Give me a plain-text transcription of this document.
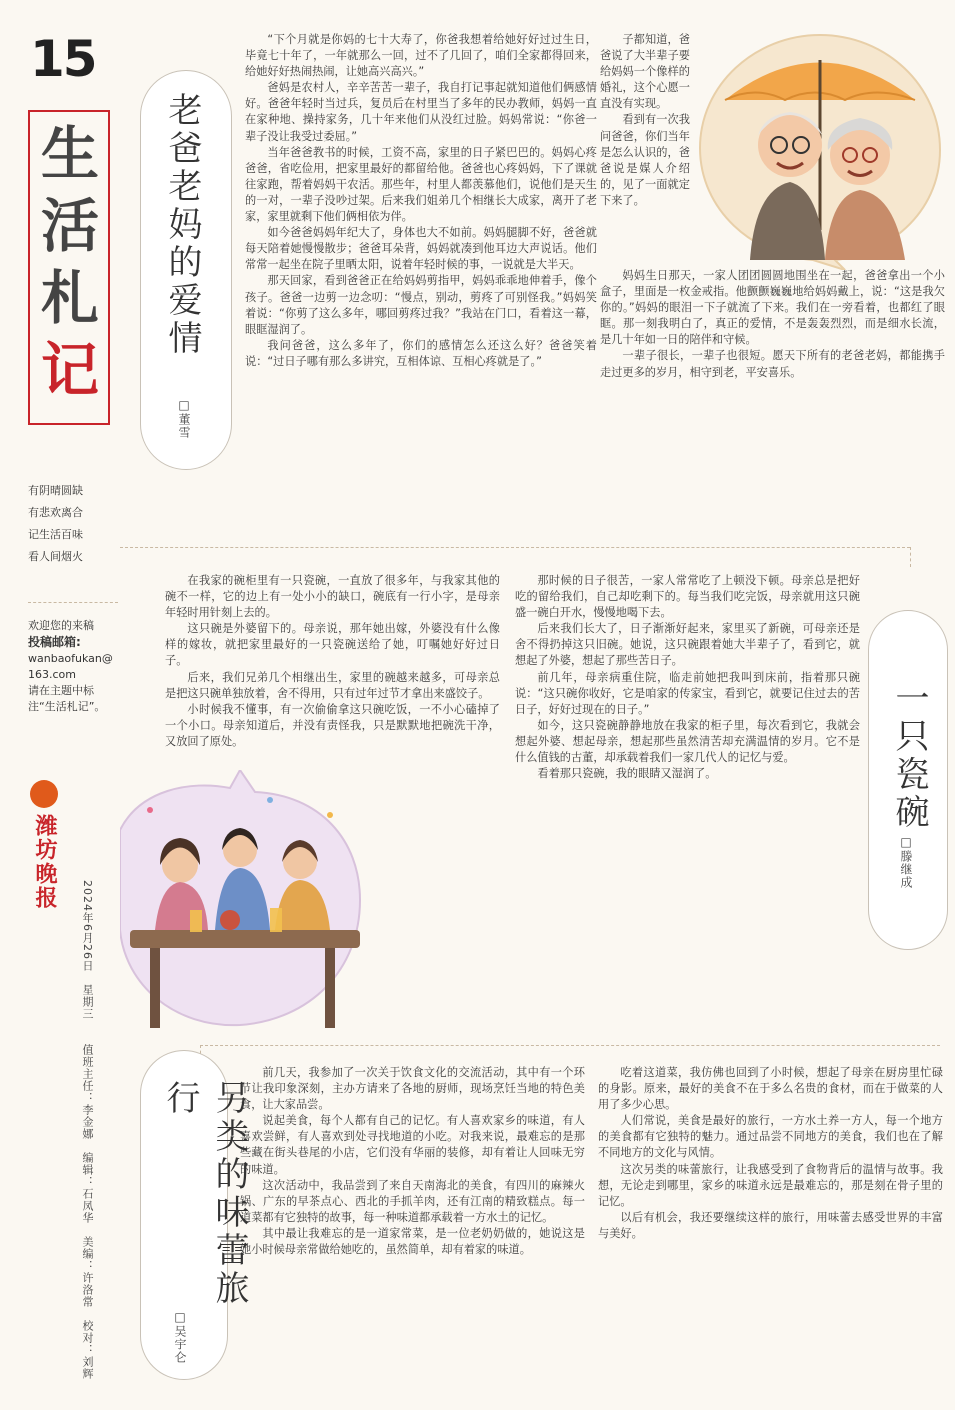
15
生
活
札
记
有阴晴圆缺
有悲欢离合
记生活百味
看人间烟火
欢迎您的来稿
投稿邮箱:
wanbaofukan@163.com
请在主题中标注“生活札记”。
潍坊晚报
2024年6月26日　星期三　　值班主任：李金娜　编辑：石凤华　美编：许洛常　校对：刘辉
老爸老妈的爱情
□董雪

“下个月就是你妈的七十大寿了，你爸我想着给她好好过过生日，毕竟七十年了，一年就那么一回，过不了几回了，咱们全家都得回来，给她好好热闹热闹，让她高兴高兴。”

爸妈是农村人，辛辛苦苦一辈子，我自打记事起就知道他们俩感情好。爸爸年轻时当过兵，复员后在村里当了多年的民办教师，妈妈一直在家种地、操持家务，几十年来他们从没红过脸。妈妈常说：“你爸一辈子没让我受过委屈。”

当年爸爸教书的时候，工资不高，家里的日子紧巴巴的。妈妈心疼爸爸，省吃俭用，把家里最好的都留给他。爸爸也心疼妈妈，下了课就往家跑，帮着妈妈干农活。那些年，村里人都羡慕他们，说他们是天生的一对，一辈子没吵过架。后来我们姐弟几个相继长大成家，离开了老家，家里就剩下他们俩相依为伴。

如今爸爸妈妈年纪大了，身体也大不如前。妈妈腿脚不好，爸爸就每天陪着她慢慢散步；爸爸耳朵背，妈妈就凑到他耳边大声说话。他们常常一起坐在院子里晒太阳，说着年轻时候的事，一说就是大半天。

那天回家，看到爸爸正在给妈妈剪指甲，妈妈乖乖地伸着手，像个孩子。爸爸一边剪一边念叨：“慢点，别动，剪疼了可别怪我。”妈妈笑着说：“你剪了这么多年，哪回剪疼过我？”我站在门口，看着这一幕，眼眶湿润了。

我问爸爸，这么多年了，你们的感情怎么还这么好？爸爸笑着说：“过日子哪有那么多讲究，互相体谅、互相心疼就是了。”

子都知道，爸爸说了大半辈子要给妈妈一个像样的婚礼，这个心愿一直没有实现。

看到有一次我问爸爸，你们当年是怎么认识的，爸爸说是媒人介绍的，见了一面就定下来了。

妈妈生日那天，一家人团团圆圆地围坐在一起，爸爸拿出一个小盒子，里面是一枚金戒指。他颤颤巍巍地给妈妈戴上，说：“这是我欠你的。”妈妈的眼泪一下子就流了下来。我们在一旁看着，也都红了眼眶。那一刻我明白了，真正的爱情，不是轰轰烈烈，而是细水长流，是几十年如一日的陪伴和守候。

一辈子很长，一辈子也很短。愿天下所有的老爸老妈，都能携手走过更多的岁月，相守到老，平安喜乐。

一只瓷碗
□滕继成

在我家的碗柜里有一只瓷碗，一直放了很多年，与我家其他的碗不一样，它的边上有一处小小的缺口，碗底有一行小字，是母亲年轻时用针刻上去的。

这只碗是外婆留下的。母亲说，那年她出嫁，外婆没有什么像样的嫁妆，就把家里最好的一只瓷碗送给了她，叮嘱她好好过日子。

后来，我们兄弟几个相继出生，家里的碗越来越多，可母亲总是把这只碗单独放着，舍不得用，只有过年过节才拿出来盛饺子。

小时候我不懂事，有一次偷偷拿这只碗吃饭，一不小心磕掉了一个小口。母亲知道后，并没有责怪我，只是默默地把碗洗干净，又放回了原处。

那时候的日子很苦，一家人常常吃了上顿没下顿。母亲总是把好吃的留给我们，自己却吃剩下的。每当我们吃完饭，母亲就用这只碗盛一碗白开水，慢慢地喝下去。

后来我们长大了，日子渐渐好起来，家里买了新碗，可母亲还是舍不得扔掉这只旧碗。她说，这只碗跟着她大半辈子了，看到它，就想起了外婆，想起了那些苦日子。

前几年，母亲病重住院，临走前她把我叫到床前，指着那只碗说：“这只碗你收好，它是咱家的传家宝，看到它，就要记住过去的苦日子，好好过现在的日子。”

如今，这只瓷碗静静地放在我家的柜子里，每次看到它，我就会想起外婆、想起母亲，想起那些虽然清苦却充满温情的岁月。它不是什么值钱的古董，却承载着我们一家几代人的记忆与爱。

看着那只瓷碗，我的眼睛又湿润了。

另类的味蕾旅行
□吴宇仑

前几天，我参加了一次关于饮食文化的交流活动，其中有一个环节让我印象深刻，主办方请来了各地的厨师，现场烹饪当地的特色美食，让大家品尝。

说起美食，每个人都有自己的记忆。有人喜欢家乡的味道，有人喜欢尝鲜，有人喜欢到处寻找地道的小吃。对我来说，最难忘的是那些藏在街头巷尾的小店，它们没有华丽的装修，却有着让人回味无穷的味道。

这次活动中，我品尝到了来自天南海北的美食，有四川的麻辣火锅、广东的早茶点心、西北的手抓羊肉，还有江南的精致糕点。每一道菜都有它独特的故事，每一种味道都承载着一方水土的记忆。

其中最让我难忘的是一道家常菜，是一位老奶奶做的，她说这是她小时候母亲常做给她吃的，虽然简单，却有着家的味道。

吃着这道菜，我仿佛也回到了小时候，想起了母亲在厨房里忙碌的身影。原来，最好的美食不在于多么名贵的食材，而在于做菜的人用了多少心思。

人们常说，美食是最好的旅行，一方水土养一方人，每一个地方的美食都有它独特的魅力。通过品尝不同地方的美食，我们也在了解不同地方的文化与风情。

这次另类的味蕾旅行，让我感受到了食物背后的温情与故事。我想，无论走到哪里，家乡的味道永远是最难忘的，那是刻在骨子里的记忆。

以后有机会，我还要继续这样的旅行，用味蕾去感受世界的丰富与美好。
